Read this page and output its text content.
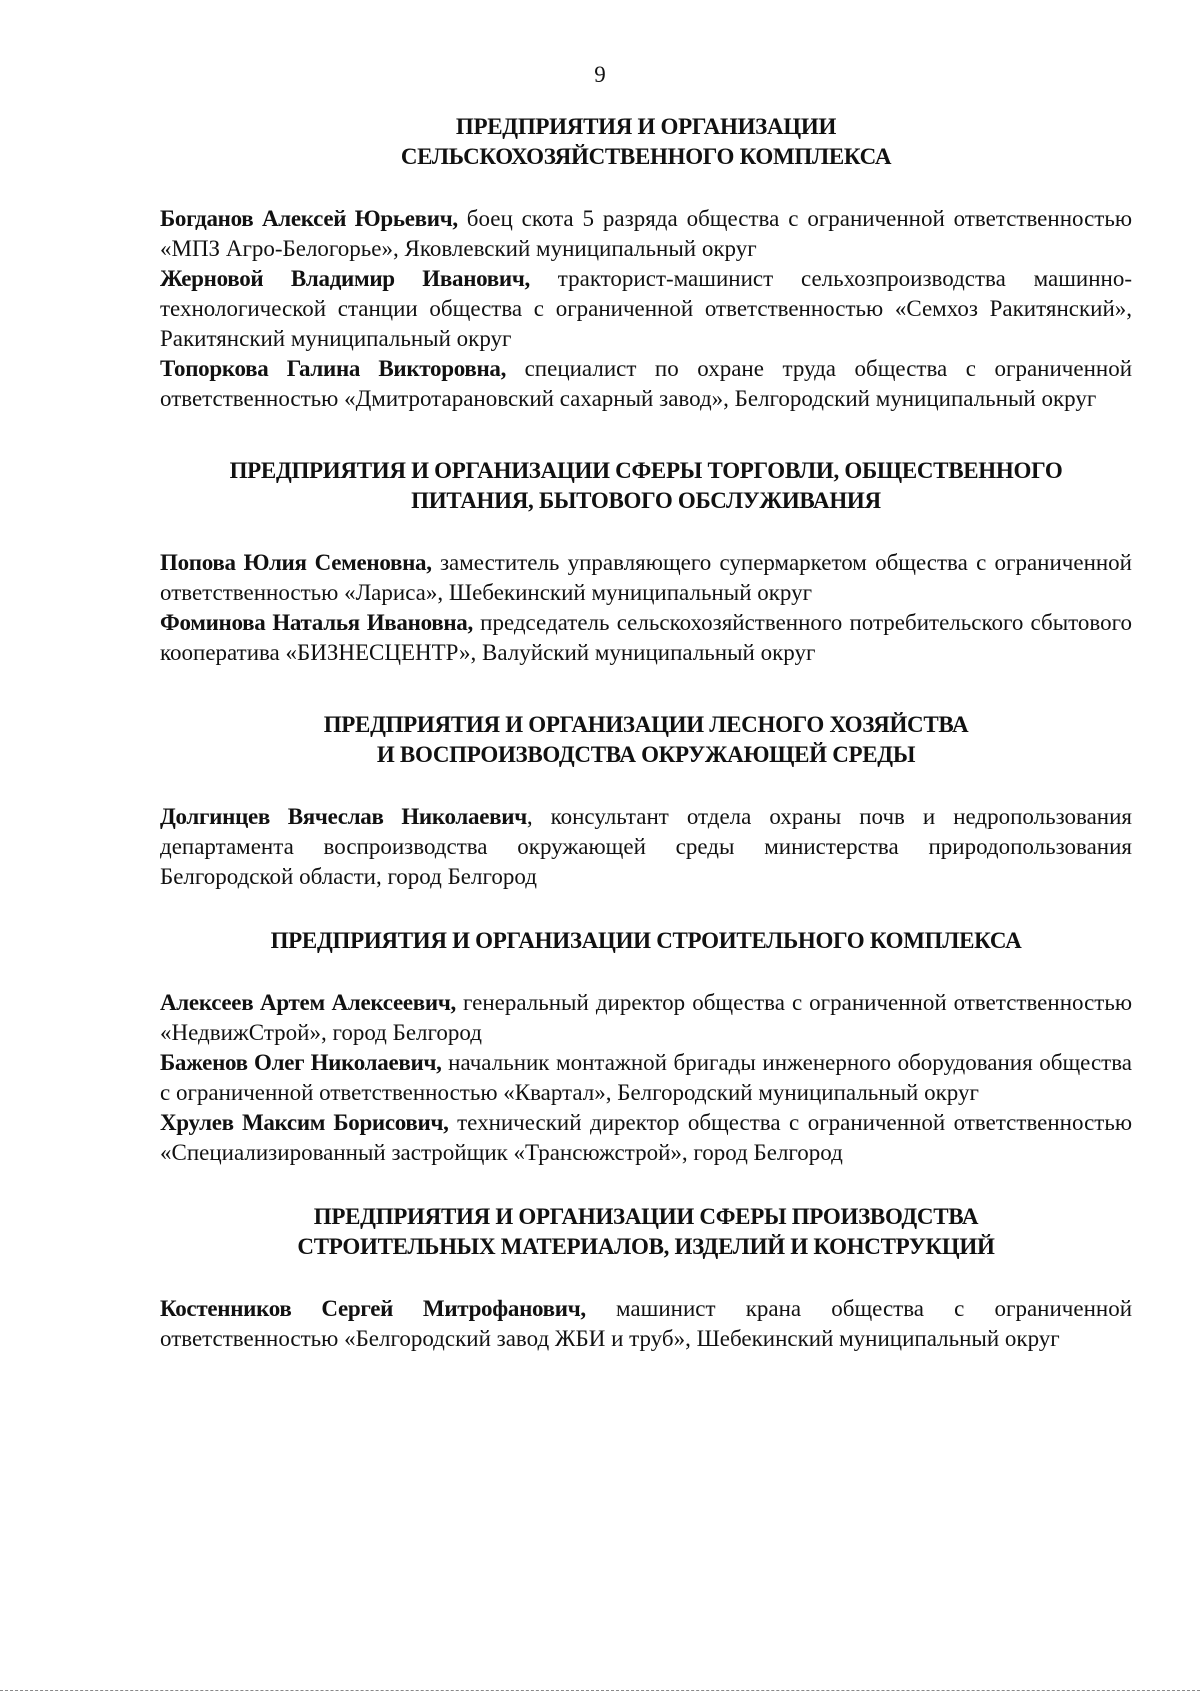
9
ПРЕДПРИЯТИЯ И ОРГАНИЗАЦИИ
СЕЛЬСКОХОЗЯЙСТВЕННОГО КОМПЛЕКСА

Богданов Алексей Юрьевич, боец скота 5 разряда общества с ограниченной ответственностью «МПЗ Агро-Белогорье», Яковлевский муниципальный округ

Жерновой Владимир Иванович, тракторист-машинист сельхозпроизводства машинно-технологической станции общества с ограниченной ответственностью «Семхоз Ракитянский», Ракитянский муниципальный округ

Топоркова Галина Викторовна, специалист по охране труда общества с ограниченной ответственностью «Дмитротарановский сахарный завод», Белгородский муниципальный округ

ПРЕДПРИЯТИЯ И ОРГАНИЗАЦИИ СФЕРЫ ТОРГОВЛИ, ОБЩЕСТВЕННОГО
ПИТАНИЯ, БЫТОВОГО ОБСЛУЖИВАНИЯ

Попова Юлия Семеновна, заместитель управляющего супермаркетом общества с ограниченной ответственностью «Лариса», Шебекинский муниципальный округ

Фоминова Наталья Ивановна, председатель сельскохозяйственного потребительского сбытового кооператива «БИЗНЕСЦЕНТР», Валуйский муниципальный округ

ПРЕДПРИЯТИЯ И ОРГАНИЗАЦИИ ЛЕСНОГО ХОЗЯЙСТВА
И ВОСПРОИЗВОДСТВА ОКРУЖАЮЩЕЙ СРЕДЫ

Долгинцев Вячеслав Николаевич, консультант отдела охраны почв и недропользования департамента воспроизводства окружающей среды министерства природопользования Белгородской области, город Белгород

ПРЕДПРИЯТИЯ И ОРГАНИЗАЦИИ СТРОИТЕЛЬНОГО КОМПЛЕКСА

Алексеев Артем Алексеевич, генеральный директор общества с ограниченной ответственностью «НедвижСтрой», город Белгород

Баженов Олег Николаевич, начальник монтажной бригады инженерного оборудования общества с ограниченной ответственностью «Квартал», Белгородский муниципальный округ

Хрулев Максим Борисович, технический директор общества с ограниченной ответственностью «Специализированный застройщик «Трансюжстрой», город Белгород

ПРЕДПРИЯТИЯ И ОРГАНИЗАЦИИ СФЕРЫ ПРОИЗВОДСТВА
СТРОИТЕЛЬНЫХ МАТЕРИАЛОВ, ИЗДЕЛИЙ И КОНСТРУКЦИЙ

Костенников Сергей Митрофанович, машинист крана общества с ограниченной ответственностью «Белгородский завод ЖБИ и труб», Шебекинский муниципальный округ
